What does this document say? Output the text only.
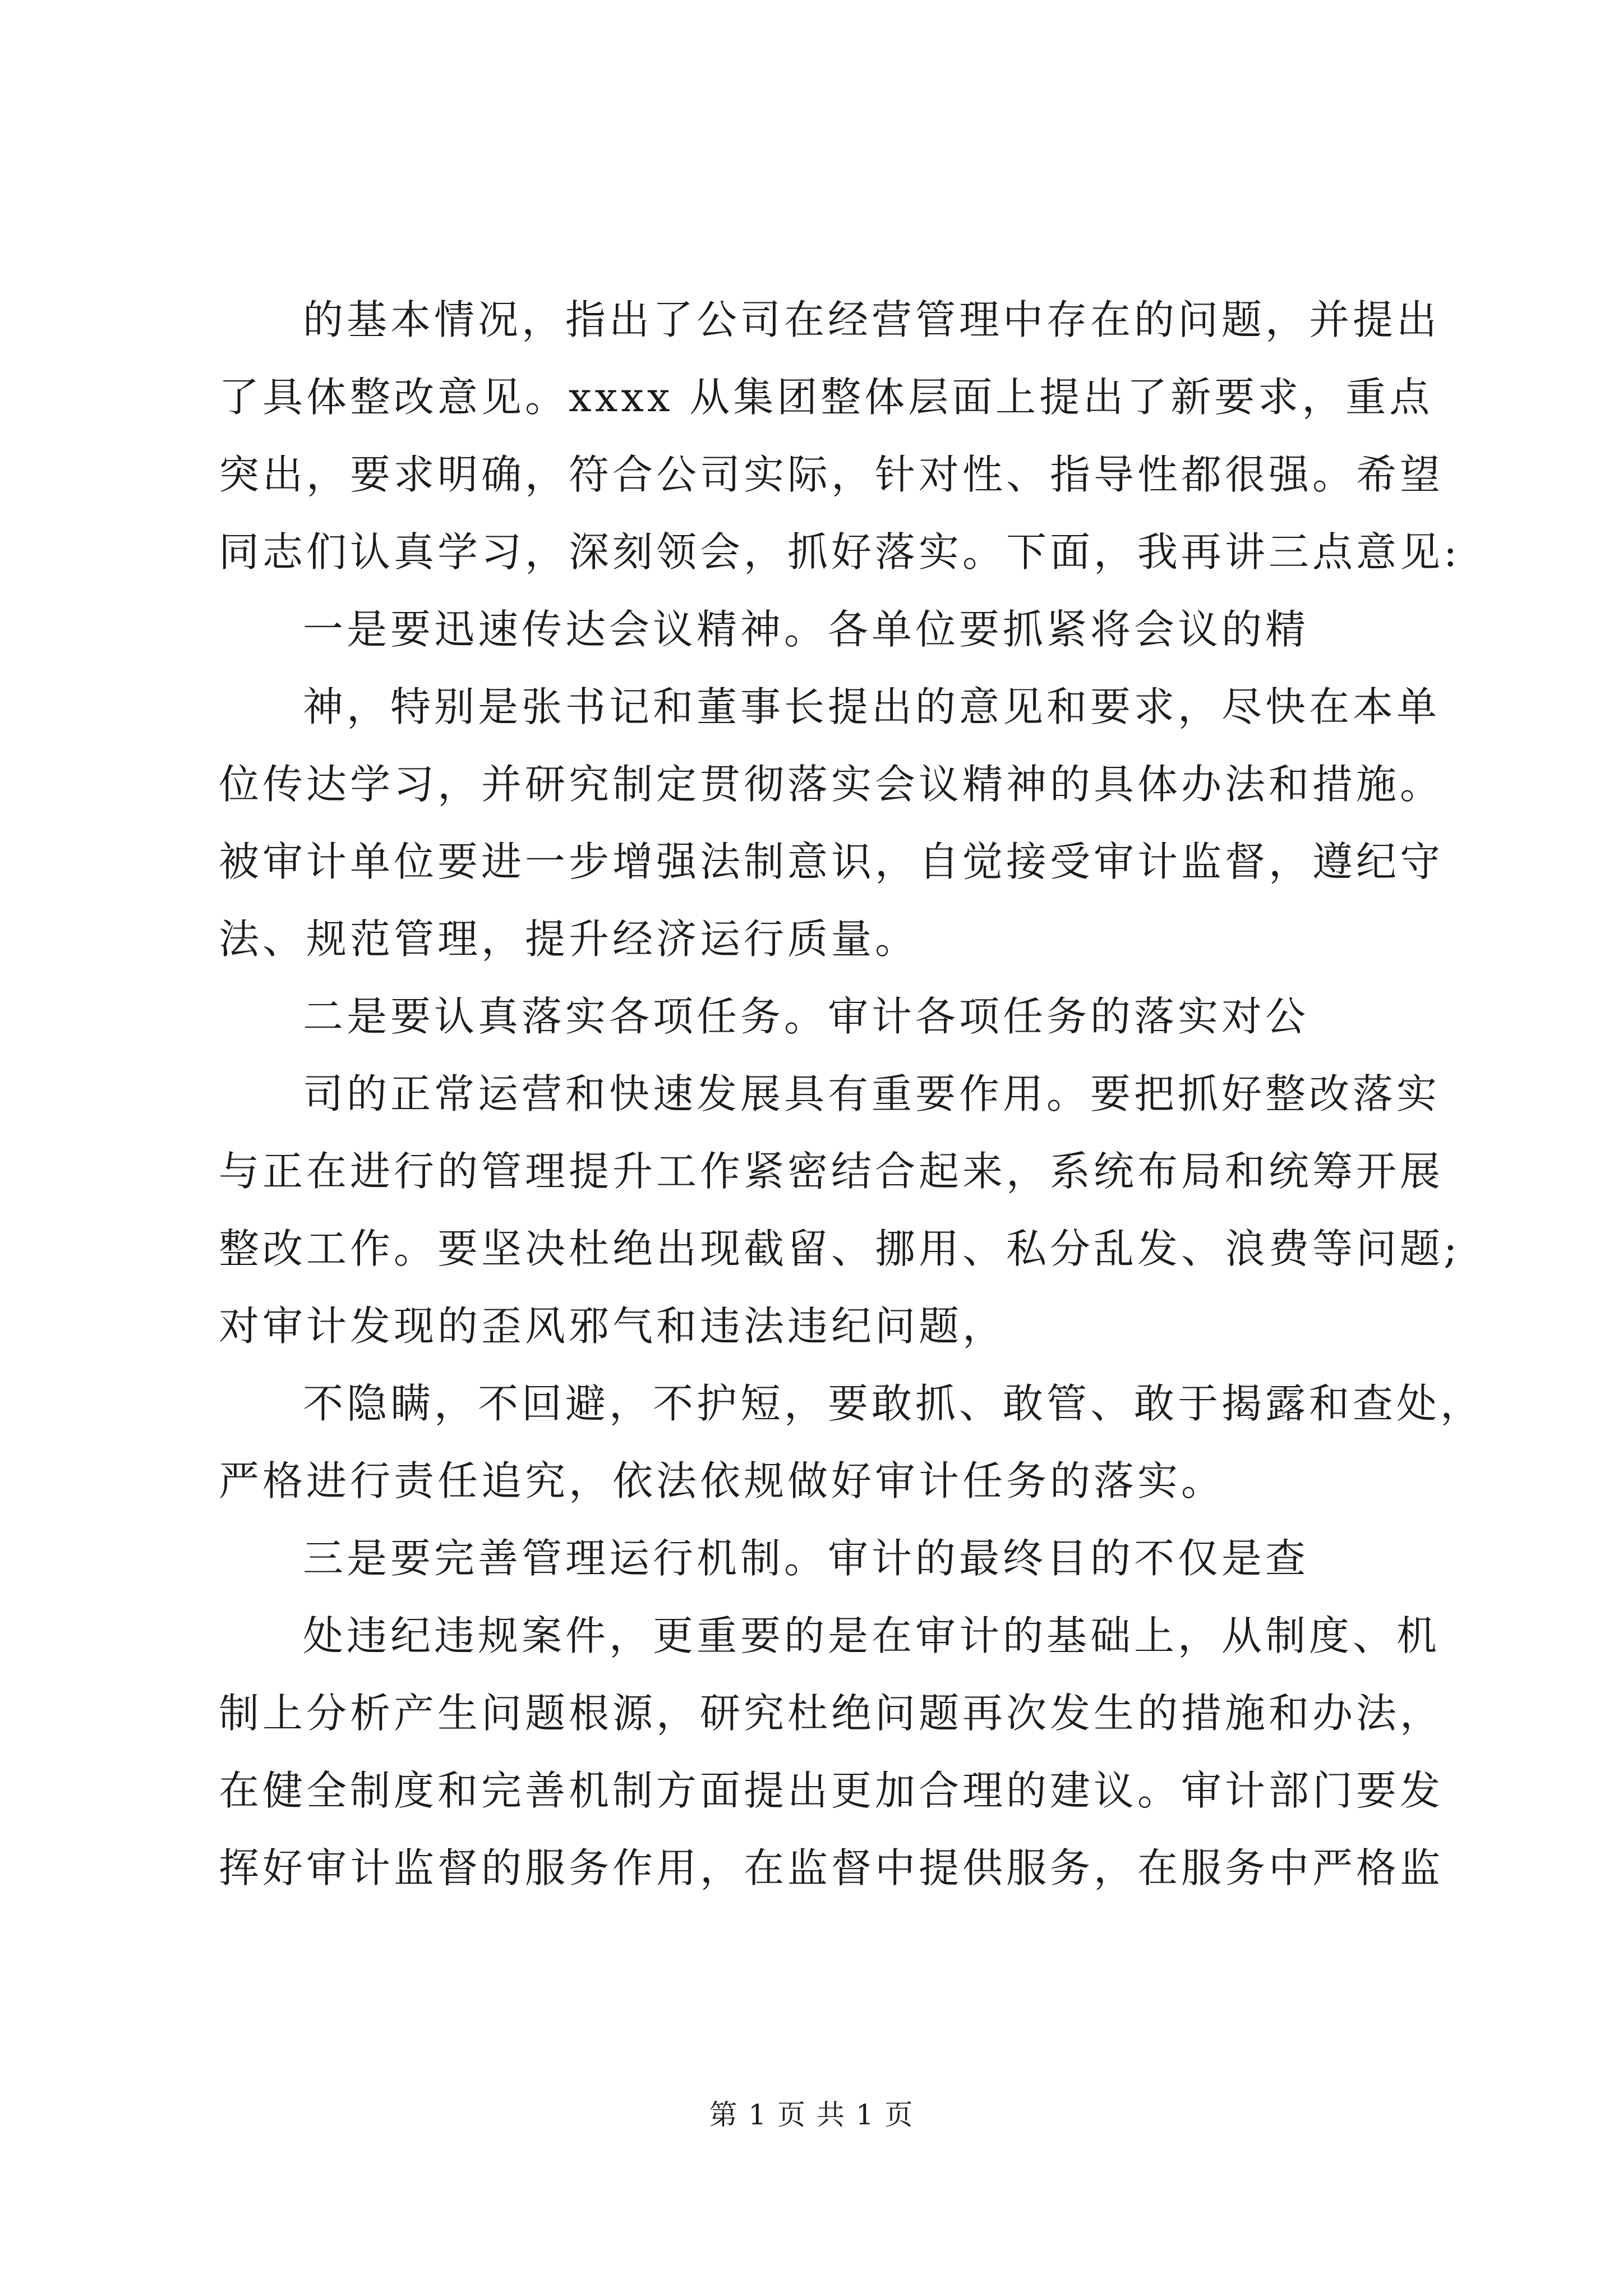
的基本情况，指出了公司在经营管理中存在的问题，并提出
了具体整改意见。xxxx 从集团整体层面上提出了新要求，重点
突出，要求明确，符合公司实际，针对性、指导性都很强。希望
同志们认真学习，深刻领会，抓好落实。下面，我再讲三点意见:
一是要迅速传达会议精神。各单位要抓紧将会议的精
神，特别是张书记和董事长提出的意见和要求，尽快在本单
位传达学习，并研究制定贯彻落实会议精神的具体办法和措施。
被审计单位要进一步增强法制意识，自觉接受审计监督，遵纪守
法、规范管理，提升经济运行质量。
二是要认真落实各项任务。审计各项任务的落实对公
司的正常运营和快速发展具有重要作用。要把抓好整改落实
与正在进行的管理提升工作紧密结合起来，系统布局和统筹开展
整改工作。要坚决杜绝出现截留、挪用、私分乱发、浪费等问题;
对审计发现的歪风邪气和违法违纪问题，
不隐瞒，不回避，不护短，要敢抓、敢管、敢于揭露和查处，
严格进行责任追究，依法依规做好审计任务的落实。
三是要完善管理运行机制。审计的最终目的不仅是查
处违纪违规案件，更重要的是在审计的基础上，从制度、机
制上分析产生问题根源，研究杜绝问题再次发生的措施和办法，
在健全制度和完善机制方面提出更加合理的建议。审计部门要发
挥好审计监督的服务作用，在监督中提供服务，在服务中严格监
第 1 页 共 1 页
